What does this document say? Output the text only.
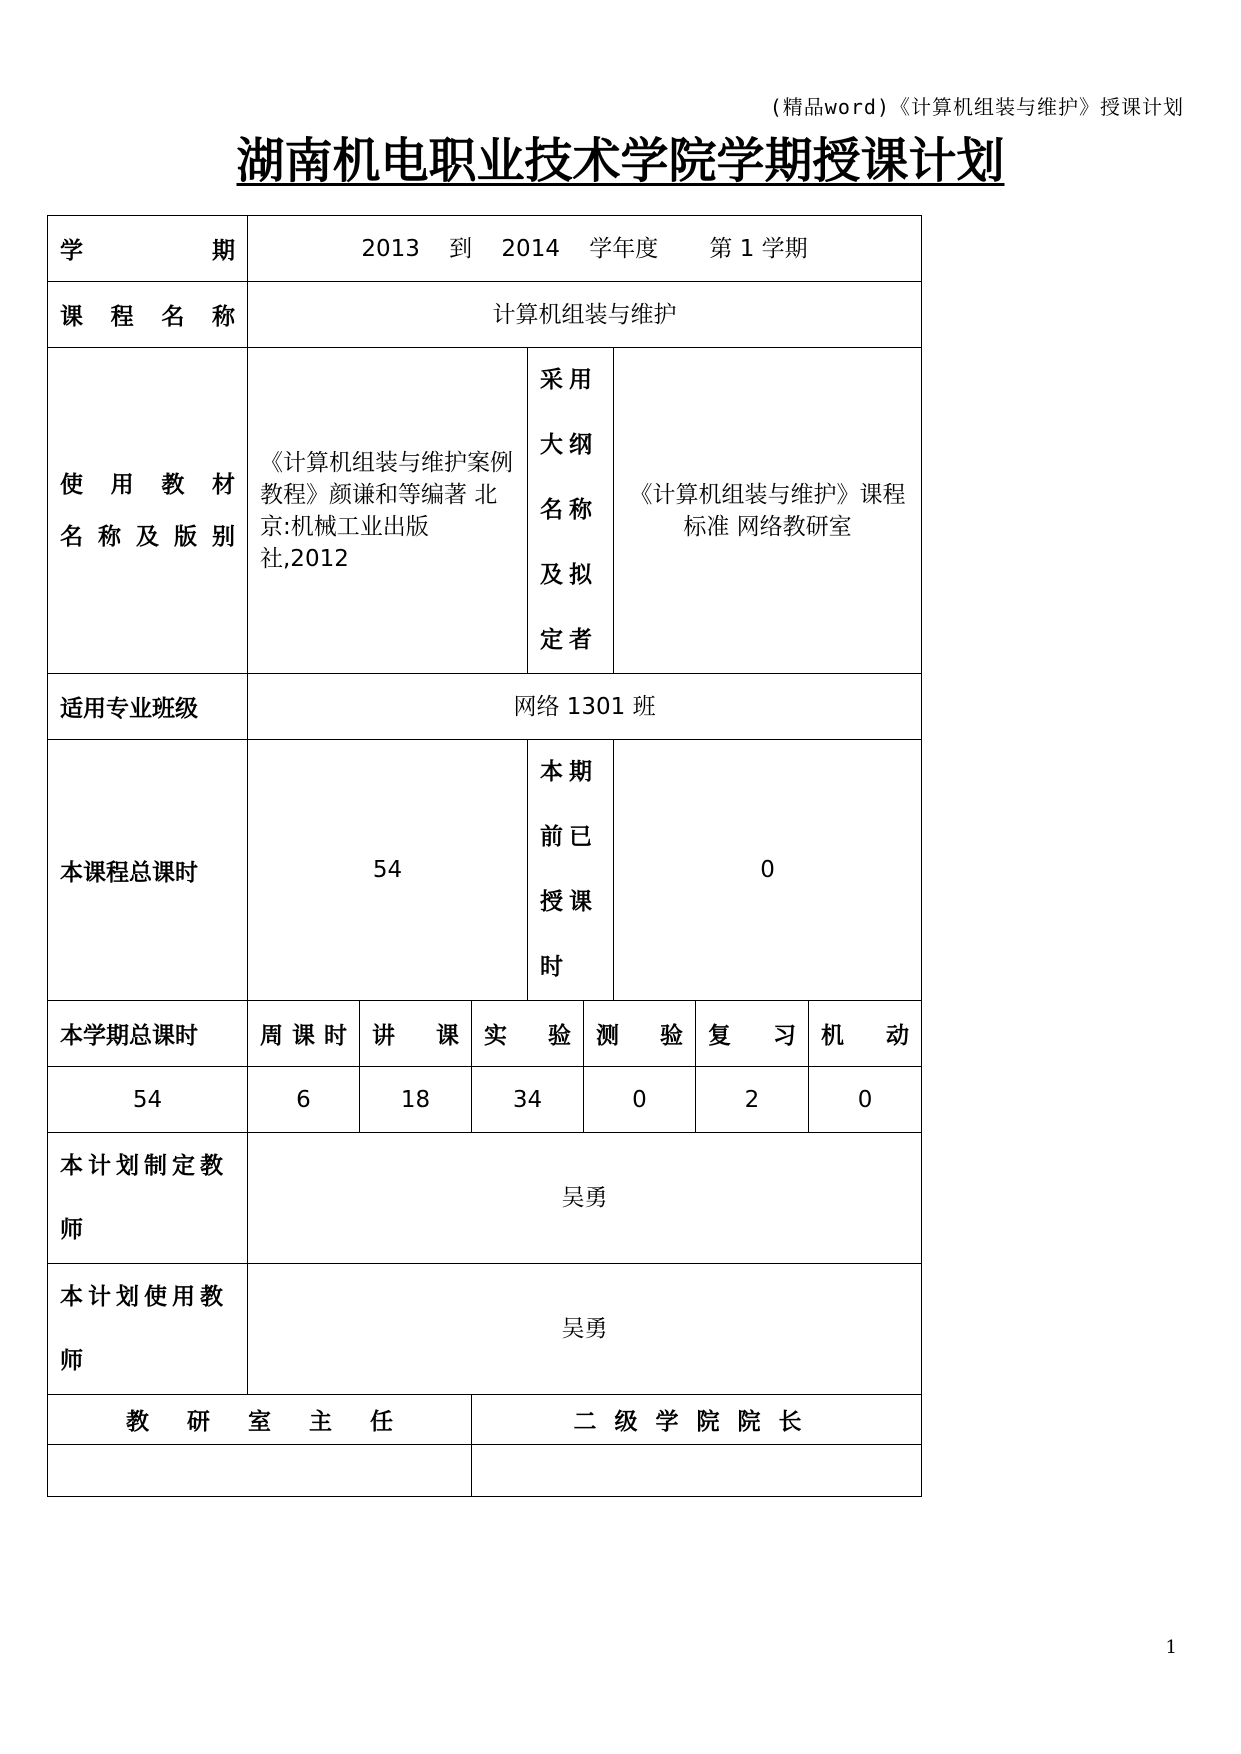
(精品word)《计算机组装与维护》授课计划
湖南机电职业技术学院学期授课计划
学期	2013 到 2014 学年度 第 1 学期							
课程名称	计算机组装与维护							

使用教材
名称及版别	《计算机组装与维护案例教程》颜谦和等编著 北京:机械工业出版社,2012			采用大纲名称及拟定者		《计算机组装与维护》课程标准 网络教研室		
适用专业班级	网络 1301 班							
本课程总课时	54			本期前已授课时		0		
本学期总课时	周课时	讲课	实验		测验		复习	机动
54	6	18	34		0		2	0
本计划制定教师	吴勇							
本计划使用教师	吴勇							
教研室主任			二级学院院长					

1
